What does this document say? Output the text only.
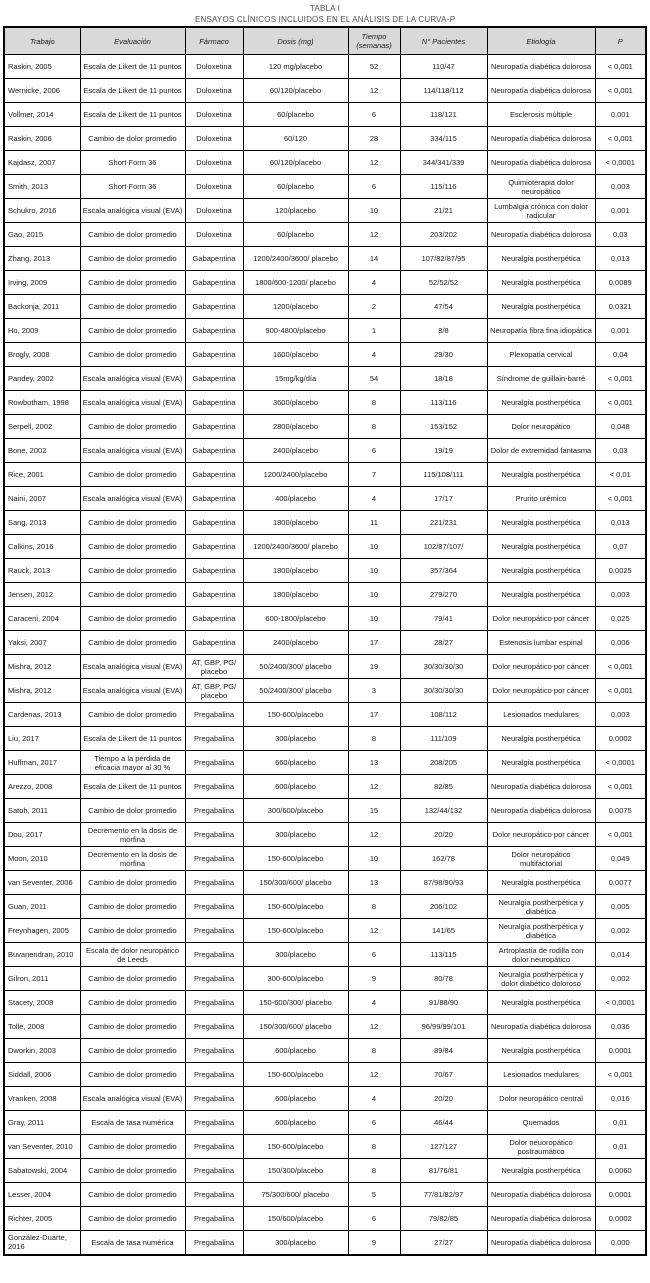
TABLA I
ENSAYOS CLÍNICOS INCLUIDOS EN EL ANÁLISIS DE LA CURVA-P
Trabajo	Evaluación	Fármaco	Dosis (mg)	Tiempo (semanas)	N° Pacientes	Etiología	P
Raskin, 2005	Escala de Likert de 11 puntos	Duloxetina	120 mg/placebo	52	110/47	Neuropatía diabética dolorosa	< 0,001
Wernicke, 2006	Escala de Likert de 11 puntos	Duloxetina	60/120/placebo	12	114/118/112	Neuropatía diabética dolorosa	< 0,001
Vollmer, 2014	Escala de Likert de 11 puntos	Duloxetina	60/placebo	6	118/121	Esclerosis múltiple	0,001
Raskin, 2006	Cambio de dolor promedio	Duloxetina	60/120	28	334/115	Neuropatía diabética dolorosa	< 0,001
Kajdasz, 2007	Short Form 36	Duloxetina	60/120/placebo	12	344/341/339	Neuropatía diabética dolorosa	< 0,0001
Smith, 2013	Short Form 36	Duloxetina	60/placebo	6	115/116	Quimioterapia dolor neuropático	0,003
Schukro, 2016	Escala analógica visual (EVA)	Duloxetina	120/placebo	10	21/21	Lumbalgia crónica con dolor radicular	0,001
Gao, 2015	Cambio de dolor promedio	Duloxetina	60/placebo	12	203/202	Neuropatía diabética dolorosa	0,03
Zhang, 2013	Cambio de dolor promedio	Gabapentina	1200/2400/3600/ placebo	14	107/82/87/95	Neuralgia postherpética	0,013
Irving, 2009	Cambio de dolor promedio	Gabapentina	1800/600-1200/ placebo	4	52/52/52	Neuralgia postherpética	0,0089
Backonja, 2011	Cambio de dolor promedio	Gabapentina	1200/placebo	2	47/54	Neuralgia postherpética	0,0321
Ho, 2009	Cambio de dolor promedio	Gabapentina	900-4800/placebo	1	8/8	Neuropatía fibra fina idiopática	0,001
Brogly, 2008	Cambio de dolor promedio	Gabapentina	1600/placebo	4	29/30	Plexopatía cervical	0,04
Pandey, 2002	Escala analógica visual (EVA)	Gabapentina	15mg/kg/día	54	18/18	Síndrome de guillain-barré	< 0,001
Rowbotham, 1998	Escala analógica visual (EVA)	Gabapentina	3600/placebo	8	113/116	Neuralgia postherpética	< 0,001
Serpell, 2002	Cambio de dolor promedio	Gabapentina	2800/placebo	8	153/152	Dolor neuropático	0,048
Bone, 2002	Escala analógica visual (EVA)	Gabapentina	2400/placebo	6	19/19	Dolor de extremidad fantasma	0,03
Rice, 2001	Cambio de dolor promedio	Gabapentina	1200/2400/placebo	7	115/108/111	Neuralgia postherpética	< 0,01
Naini, 2007	Escala analógica visual (EVA)	Gabapentina	400/placebo	4	17/17	Prurito urémico	< 0,001
Sang, 2013	Cambio de dolor promedio	Gabapentina	1800/placebo	11	221/231	Neuralgia postherpética	0,013
Calkins, 2016	Cambio de dolor promedio	Gabapentina	1200/2400/3600/ placebo	10	102/87/107/	Neuralgia postherpética	0,07
Rauck, 2013	Cambio de dolor promedio	Gabapentina	1800/placebo	10	357/364	Neuralgia postherpética	0,0025
Jensen, 2012	Cambio de dolor promedio	Gabapentina	1800/placebo	10	279/270	Neuralgia postherpética	0,003
Caraceni, 2004	Cambio de dolor promedio	Gabapentina	600-1800/placebo	10	79/41	Dolor neuropático por cáncer	0,025
Yaksi, 2007	Cambio de dolor promedio	Gabapentina	2400/placebo	17	28/27	Estenosis lumbar espinal	0,006
Mishra, 2012	Escala analógica visual (EVA)	AT, GBP, PG/ placebo	50/2400/300/ placebo	19	30/30/30/30	Dolor neuropático por cáncer	< 0,001
Mishra, 2012	Escala analógica visual (EVA)	AT, GBP, PG/ placebo	50/2400/300/ placebo	3	30/30/30/30	Dolor neuropático por cáncer	< 0,001
Cardenas, 2013	Cambio de dolor promedio	Pregabalina	150-600/placebo	17	108/112	Lesionados medulares	0,003
Liu, 2017	Escala de Likert de 11 puntos	Pregabalina	300/placebo	8	111/109	Neuralgia postherpética	0,0002
Huffman, 2017	Tiempo a la pérdida de eficacia mayor al 30 %	Pregabalina	660/placebo	13	208/205	Neuralgia postherpética	< 0,0001
Arezzo, 2008	Escala de Likert de 11 puntos	Pregabalina	600/placebo	12	82/85	Neuropatía diabética dolorosa	< 0,001
Satoh, 2011	Cambio de dolor promedio	Pregabalina	300/600/placebo	15	132/44/132	Neuropatía diabética dolorosa	0,0075
Dou, 2017	Decremento en la dosis de morfina	Pregabalina	300/placebo	12	20/20	Dolor neuropático por cáncer	< 0,001
Moon, 2010	Decremento en la dosis de morfina	Pregabalina	150-600/placebo	10	162/78	Dolor neuropático multifactorial	0,049
van Seventer, 2006	Cambio de dolor promedio	Pregabalina	150/300/600/ placebo	13	87/98/90/93	Neuralgia postherpética	0,0077
Guan, 2011	Cambio de dolor promedio	Pregabalina	150-600/placebo	8	206/102	Neuralgia postherpética y diabética	0,005
Freynhagen, 2005	Cambio de dolor promedio	Pregabalina	150-600/placebo	12	141/65	Neuralgia postherpética y diabética	0,002
Buvanendran, 2010	Escala de dolor neuropático de Leeds	Pregabalina	300/placebo	6	113/115	Artroplastia de rodilla con dolor neuropático	0,014
Gilron, 2011	Cambio de dolor promedio	Pregabalina	300-600/placebo	9	80/78	Neuralgia postherpética y dolor diabético doloroso	0,002
Stacety, 2008	Cambio de dolor promedio	Pregabalina	150-600/300/ placebo	4	91/88/90	Neuralgia postherpética	< 0,0001
Tolle, 2008	Cambio de dolor promedio	Pregabalina	150/300/600/ placebo	12	96/99/99/101	Neuropatía diabética dolorosa	0,036
Dworkin, 2003	Cambio de dolor promedio	Pregabalina	600/placebo	8	89/84	Neuralgia postherpética	0,0001
Siddall, 2006	Cambio de dolor promedio	Pregabalina	150-600/placebo	12	70/67	Lesionados medulares	< 0,001
Vranken, 2008	Escala analógica visual (EVA)	Pregabalina	600/placebo	4	20/20	Dolor neuropático central	0,016
Gray, 2011	Escala de tasa numérica	Pregabalina	600/placebo	6	46/44	Quemados	0,01
van Seventer, 2010	Cambio de dolor promedio	Pregabalina	150-600/placebo	8	127/127	Dolor neuoropático postraumático	0,01
Sabatowski, 2004	Cambio de dolor promedio	Pregabalina	150/300/placebo	8	81/76/81	Neuralgia postherpética	0,0060
Lesser, 2004	Cambio de dolor promedio	Pregabalina	75/300/600/ placebo	5	77/81/82/97	Neuropatía diabética dolorosa	0,0001
Richter, 2005	Cambio de dolor promedio	Pregabalina	150/600/placebo	6	79/82/85	Neuropatía diabética dolorosa	0,0002
González-Duarte, 2016	Escala de tasa numérica	Pregabalina	300/placebo	9	27/27	Neuropatía diabética dolorosa	0,000
